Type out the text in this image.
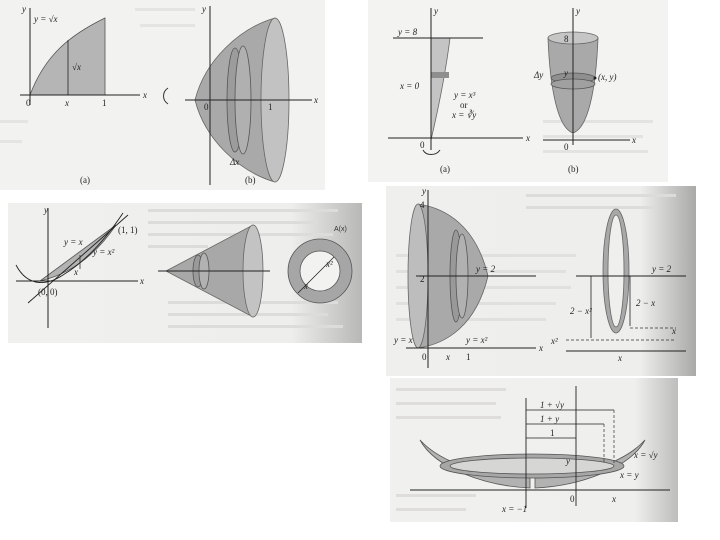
y
y = √x
√x
0	x	1
x
(a)
y
x
0	1
Δx
(b)
y
y = 8
x = 0
y = x³
or
x = ∛y
0
x
(a)
y
8
Δy y	(x, y)
0
x
(b)
y
(1, 1)
y = x
y = x²
(0, 0)
x
x	x
x²
A(x)
y
4
2
y = 2
y = x	y = x²
0 x 1
x
y = 2
2 − x
2 − x²
x²
x
x
1 + √y
1 + y
1
x = √y
x = y
y
x = −1
0	x
